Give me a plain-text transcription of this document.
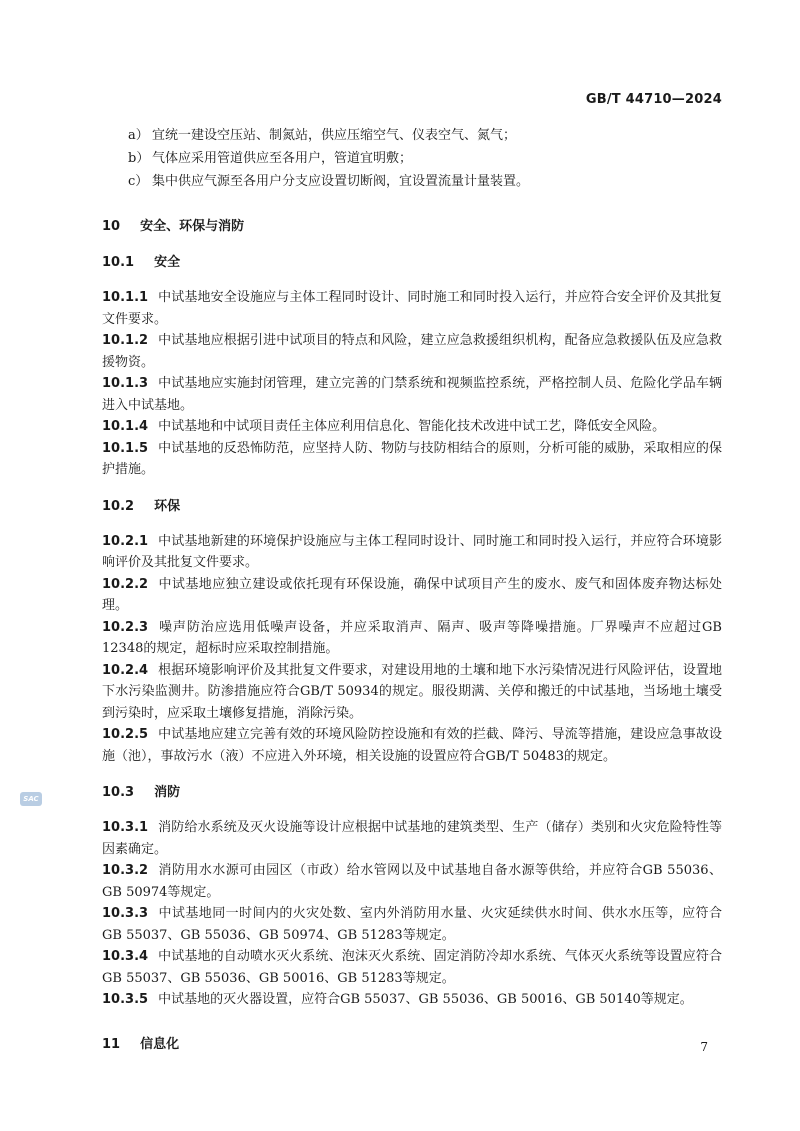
GB/T 44710—2024
SAC
a） 宜统一建设空压站、制氮站，供应压缩空气、仪表空气、氮气；
b） 气体应采用管道供应至各用户，管道宜明敷；
c） 集中供应气源至各用户分支应设置切断阀，宜设置流量计量装置。
10 安全、环保与消防
10.1 安全
10.1.1 中试基地安全设施应与主体工程同时设计、同时施工和同时投入运行，并应符合安全评价及其批复文件要求。
10.1.2 中试基地应根据引进中试项目的特点和风险，建立应急救援组织机构，配备应急救援队伍及应急救援物资。
10.1.3 中试基地应实施封闭管理，建立完善的门禁系统和视频监控系统，严格控制人员、危险化学品车辆进入中试基地。
10.1.4 中试基地和中试项目责任主体应利用信息化、智能化技术改进中试工艺，降低安全风险。
10.1.5 中试基地的反恐怖防范，应坚持人防、物防与技防相结合的原则，分析可能的威胁，采取相应的保护措施。
10.2 环保
10.2.1 中试基地新建的环境保护设施应与主体工程同时设计、同时施工和同时投入运行，并应符合环境影响评价及其批复文件要求。
10.2.2 中试基地应独立建设或依托现有环保设施，确保中试项目产生的废水、废气和固体废弃物达标处理。
10.2.3 噪声防治应选用低噪声设备，并应采取消声、隔声、吸声等降噪措施。厂界噪声不应超过GB 12348的规定，超标时应采取控制措施。
10.2.4 根据环境影响评价及其批复文件要求，对建设用地的土壤和地下水污染情况进行风险评估，设置地下水污染监测井。防渗措施应符合GB/T 50934的规定。服役期满、关停和搬迁的中试基地，当场地土壤受到污染时，应采取土壤修复措施，消除污染。
10.2.5 中试基地应建立完善有效的环境风险防控设施和有效的拦截、降污、导流等措施，建设应急事故设施（池），事故污水（液）不应进入外环境，相关设施的设置应符合GB/T 50483的规定。
10.3 消防
10.3.1 消防给水系统及灭火设施等设计应根据中试基地的建筑类型、生产（储存）类别和火灾危险特性等因素确定。
10.3.2 消防用水水源可由园区（市政）给水管网以及中试基地自备水源等供给，并应符合GB 55036、GB 50974等规定。
10.3.3 中试基地同一时间内的火灾处数、室内外消防用水量、火灾延续供水时间、供水水压等，应符合GB 55037、GB 55036、GB 50974、GB 51283等规定。
10.3.4 中试基地的自动喷水灭火系统、泡沫灭火系统、固定消防冷却水系统、气体灭火系统等设置应符合GB 55037、GB 55036、GB 50016、GB 51283等规定。
10.3.5 中试基地的灭火器设置，应符合GB 55037、GB 55036、GB 50016、GB 50140等规定。
11 信息化	7
